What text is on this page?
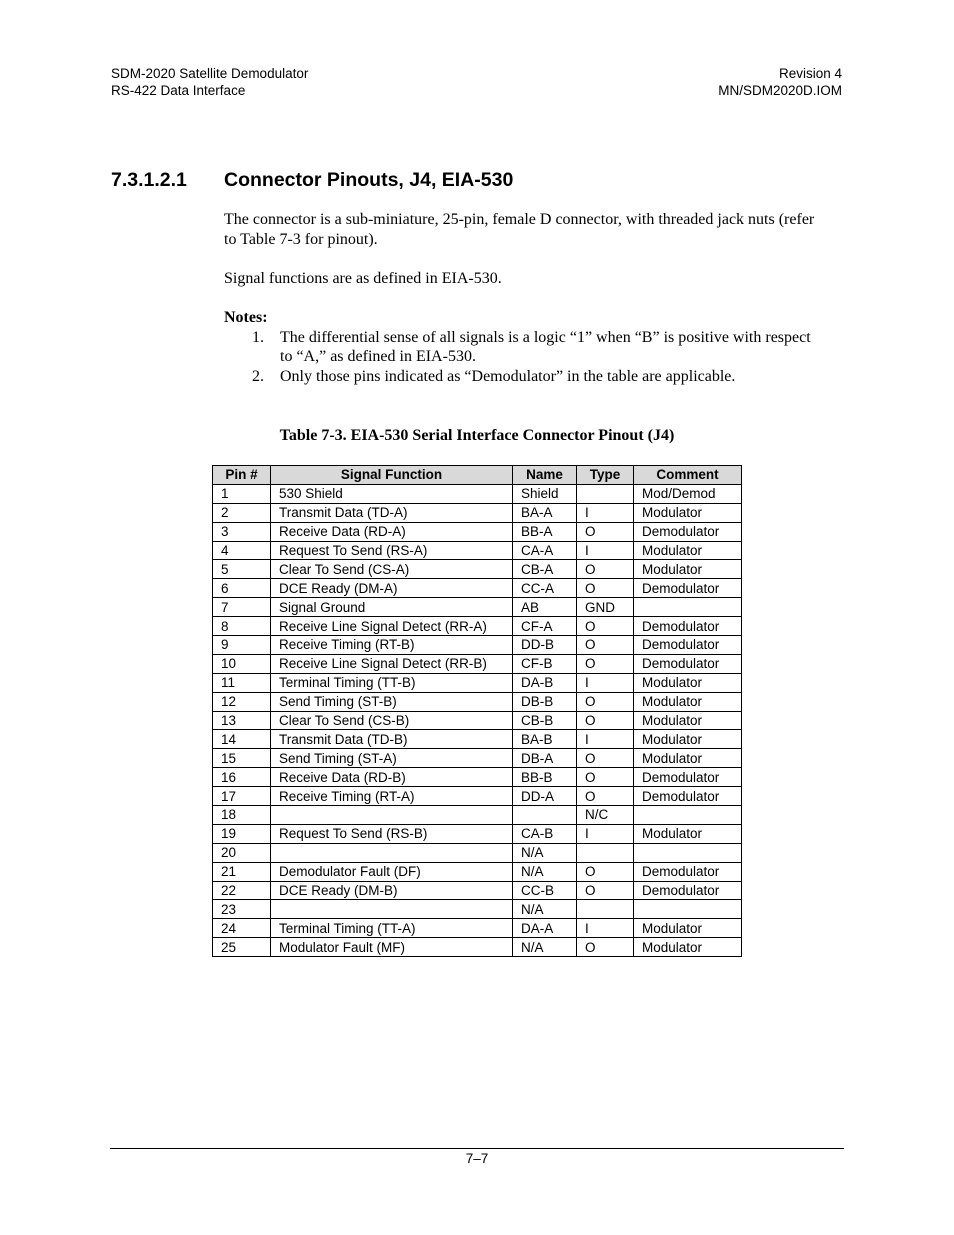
SDM-2020 Satellite Demodulator
RS-422 Data Interface
Revision 4
MN/SDM2020D.IOM
7.3.1.2.1 Connector Pinouts, J4, EIA-530
The connector is a sub-miniature, 25-pin, female D connector, with threaded jack nuts (refer to Table 7-3 for pinout).
Signal functions are as defined in EIA-530.
Notes:
1. The differential sense of all signals is a logic “1” when “B” is positive with respect to “A,” as defined in EIA-530.
2. Only those pins indicated as “Demodulator” in the table are applicable.
Table 7-3. EIA-530 Serial Interface Connector Pinout (J4)
Pin #	Signal Function	Name	Type	Comment
1	530 Shield	Shield		Mod/Demod
2	Transmit Data (TD-A)	BA-A	I	Modulator
3	Receive Data (RD-A)	BB-A	O	Demodulator
4	Request To Send (RS-A)	CA-A	I	Modulator
5	Clear To Send (CS-A)	CB-A	O	Modulator
6	DCE Ready (DM-A)	CC-A	O	Demodulator
7	Signal Ground	AB	GND	
8	Receive Line Signal Detect (RR-A)	CF-A	O	Demodulator
9	Receive Timing (RT-B)	DD-B	O	Demodulator
10	Receive Line Signal Detect (RR-B)	CF-B	O	Demodulator
11	Terminal Timing (TT-B)	DA-B	I	Modulator
12	Send Timing (ST-B)	DB-B	O	Modulator
13	Clear To Send (CS-B)	CB-B	O	Modulator
14	Transmit Data (TD-B)	BA-B	I	Modulator
15	Send Timing (ST-A)	DB-A	O	Modulator
16	Receive Data (RD-B)	BB-B	O	Demodulator
17	Receive Timing (RT-A)	DD-A	O	Demodulator
18			N/C	
19	Request To Send (RS-B)	CA-B	I	Modulator
20		N/A		
21	Demodulator Fault (DF)	N/A	O	Demodulator
22	DCE Ready (DM-B)	CC-B	O	Demodulator
23		N/A		
24	Terminal Timing (TT-A)	DA-A	I	Modulator
25	Modulator Fault (MF)	N/A	O	Modulator
7–7
